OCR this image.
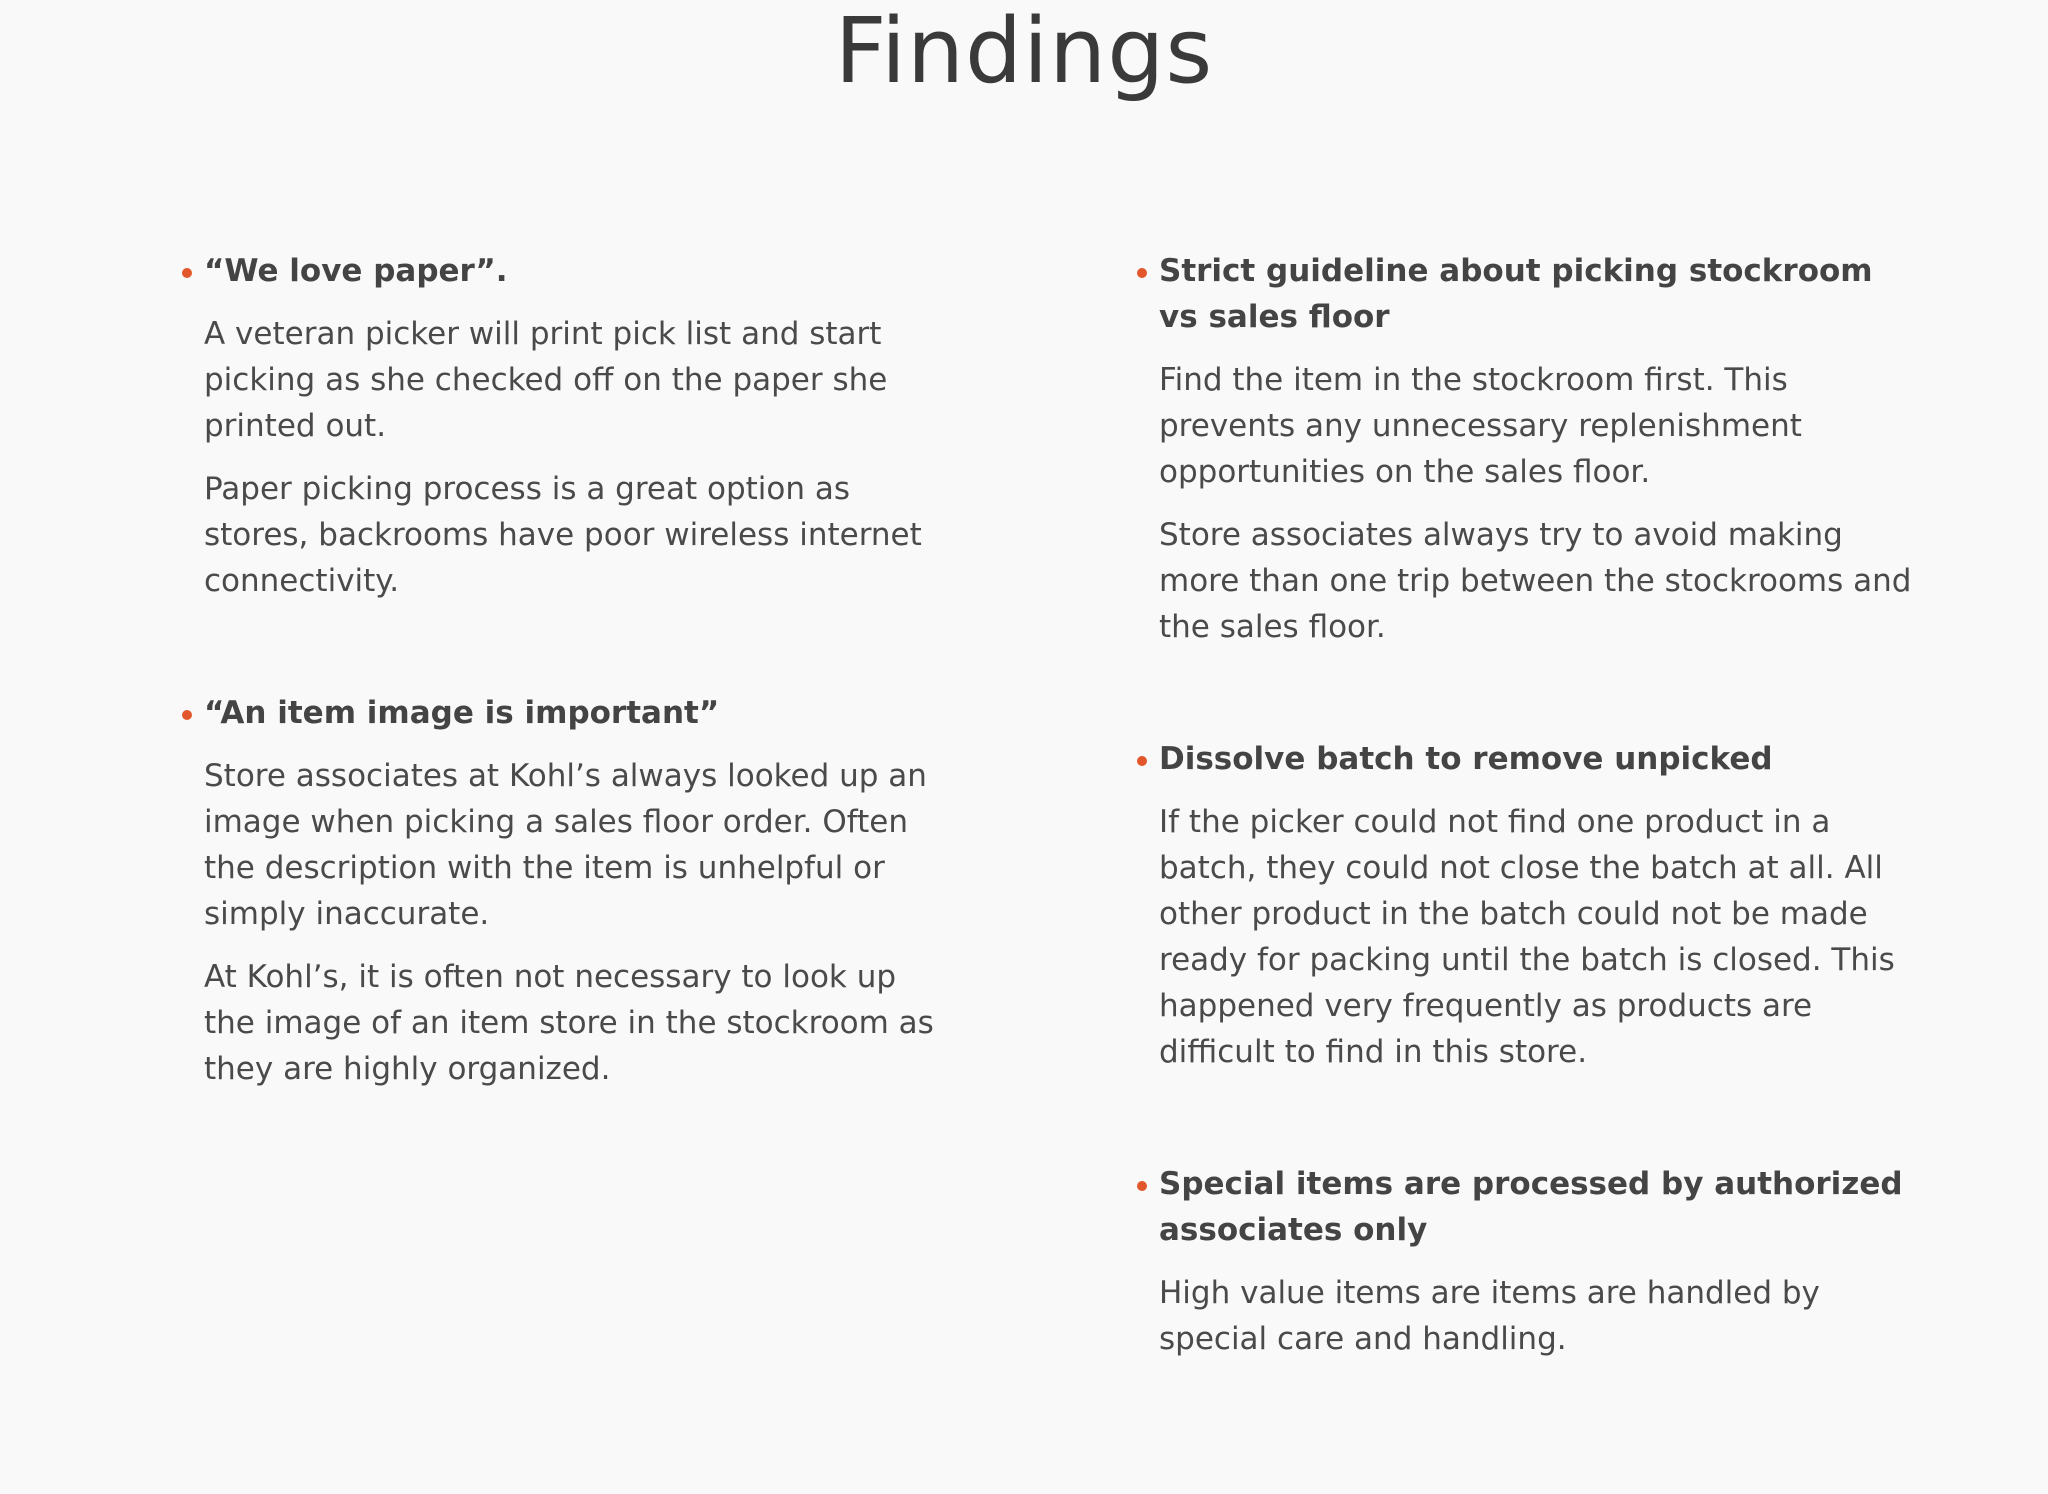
Findings

“We love paper”.

A veteran picker will print pick list and start picking as she checked off on the paper she printed out.

Paper picking process is a great option as stores, backrooms have poor wireless internet connectivity.

“An item image is important”

Store associates at Kohl’s always looked up an image when picking a sales floor order. Often the description with the item is unhelpful or simply inaccurate.

At Kohl’s, it is often not necessary to look up the image of an item store in the stockroom as they are highly organized.

Strict guideline about picking stockroom vs sales floor

Find the item in the stockroom first. This prevents any unnecessary replenishment opportunities on the sales floor.

Store associates always try to avoid making more than one trip between the stockrooms and the sales floor.

Dissolve batch to remove unpicked

If the picker could not find one product in a batch, they could not close the batch at all. All other product in the batch could not be made ready for packing until the batch is closed. This happened very frequently as products are difficult to find in this store.

Special items are processed by authorized associates only

High value items are items are handled by special care and handling.
